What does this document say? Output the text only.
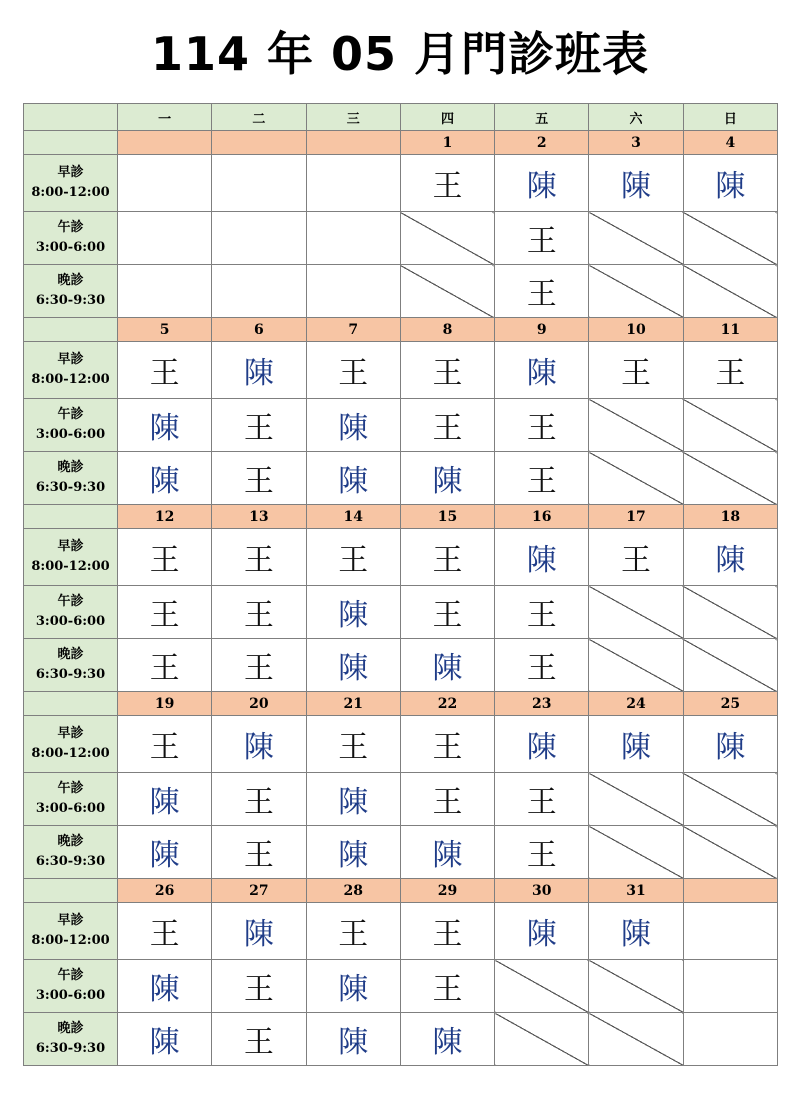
114 年 05 月門診班表
	一	二	三	四	五	六	日
				1	2	3	4

早診
8:00-12:00				王	陳	陳	陳

午診
3:00-6:00					王		

晚診
6:30-9:30					王		
	5	6	7	8	9	10	11

早診
8:00-12:00	王	陳	王	王	陳	王	王

午診
3:00-6:00	陳	王	陳	王	王		

晚診
6:30-9:30	陳	王	陳	陳	王		
	12	13	14	15	16	17	18

早診
8:00-12:00	王	王	王	王	陳	王	陳

午診
3:00-6:00	王	王	陳	王	王		

晚診
6:30-9:30	王	王	陳	陳	王		
	19	20	21	22	23	24	25

早診
8:00-12:00	王	陳	王	王	陳	陳	陳

午診
3:00-6:00	陳	王	陳	王	王		

晚診
6:30-9:30	陳	王	陳	陳	王		
	26	27	28	29	30	31	

早診
8:00-12:00	王	陳	王	王	陳	陳	

午診
3:00-6:00	陳	王	陳	王			

晚診
6:30-9:30	陳	王	陳	陳			
